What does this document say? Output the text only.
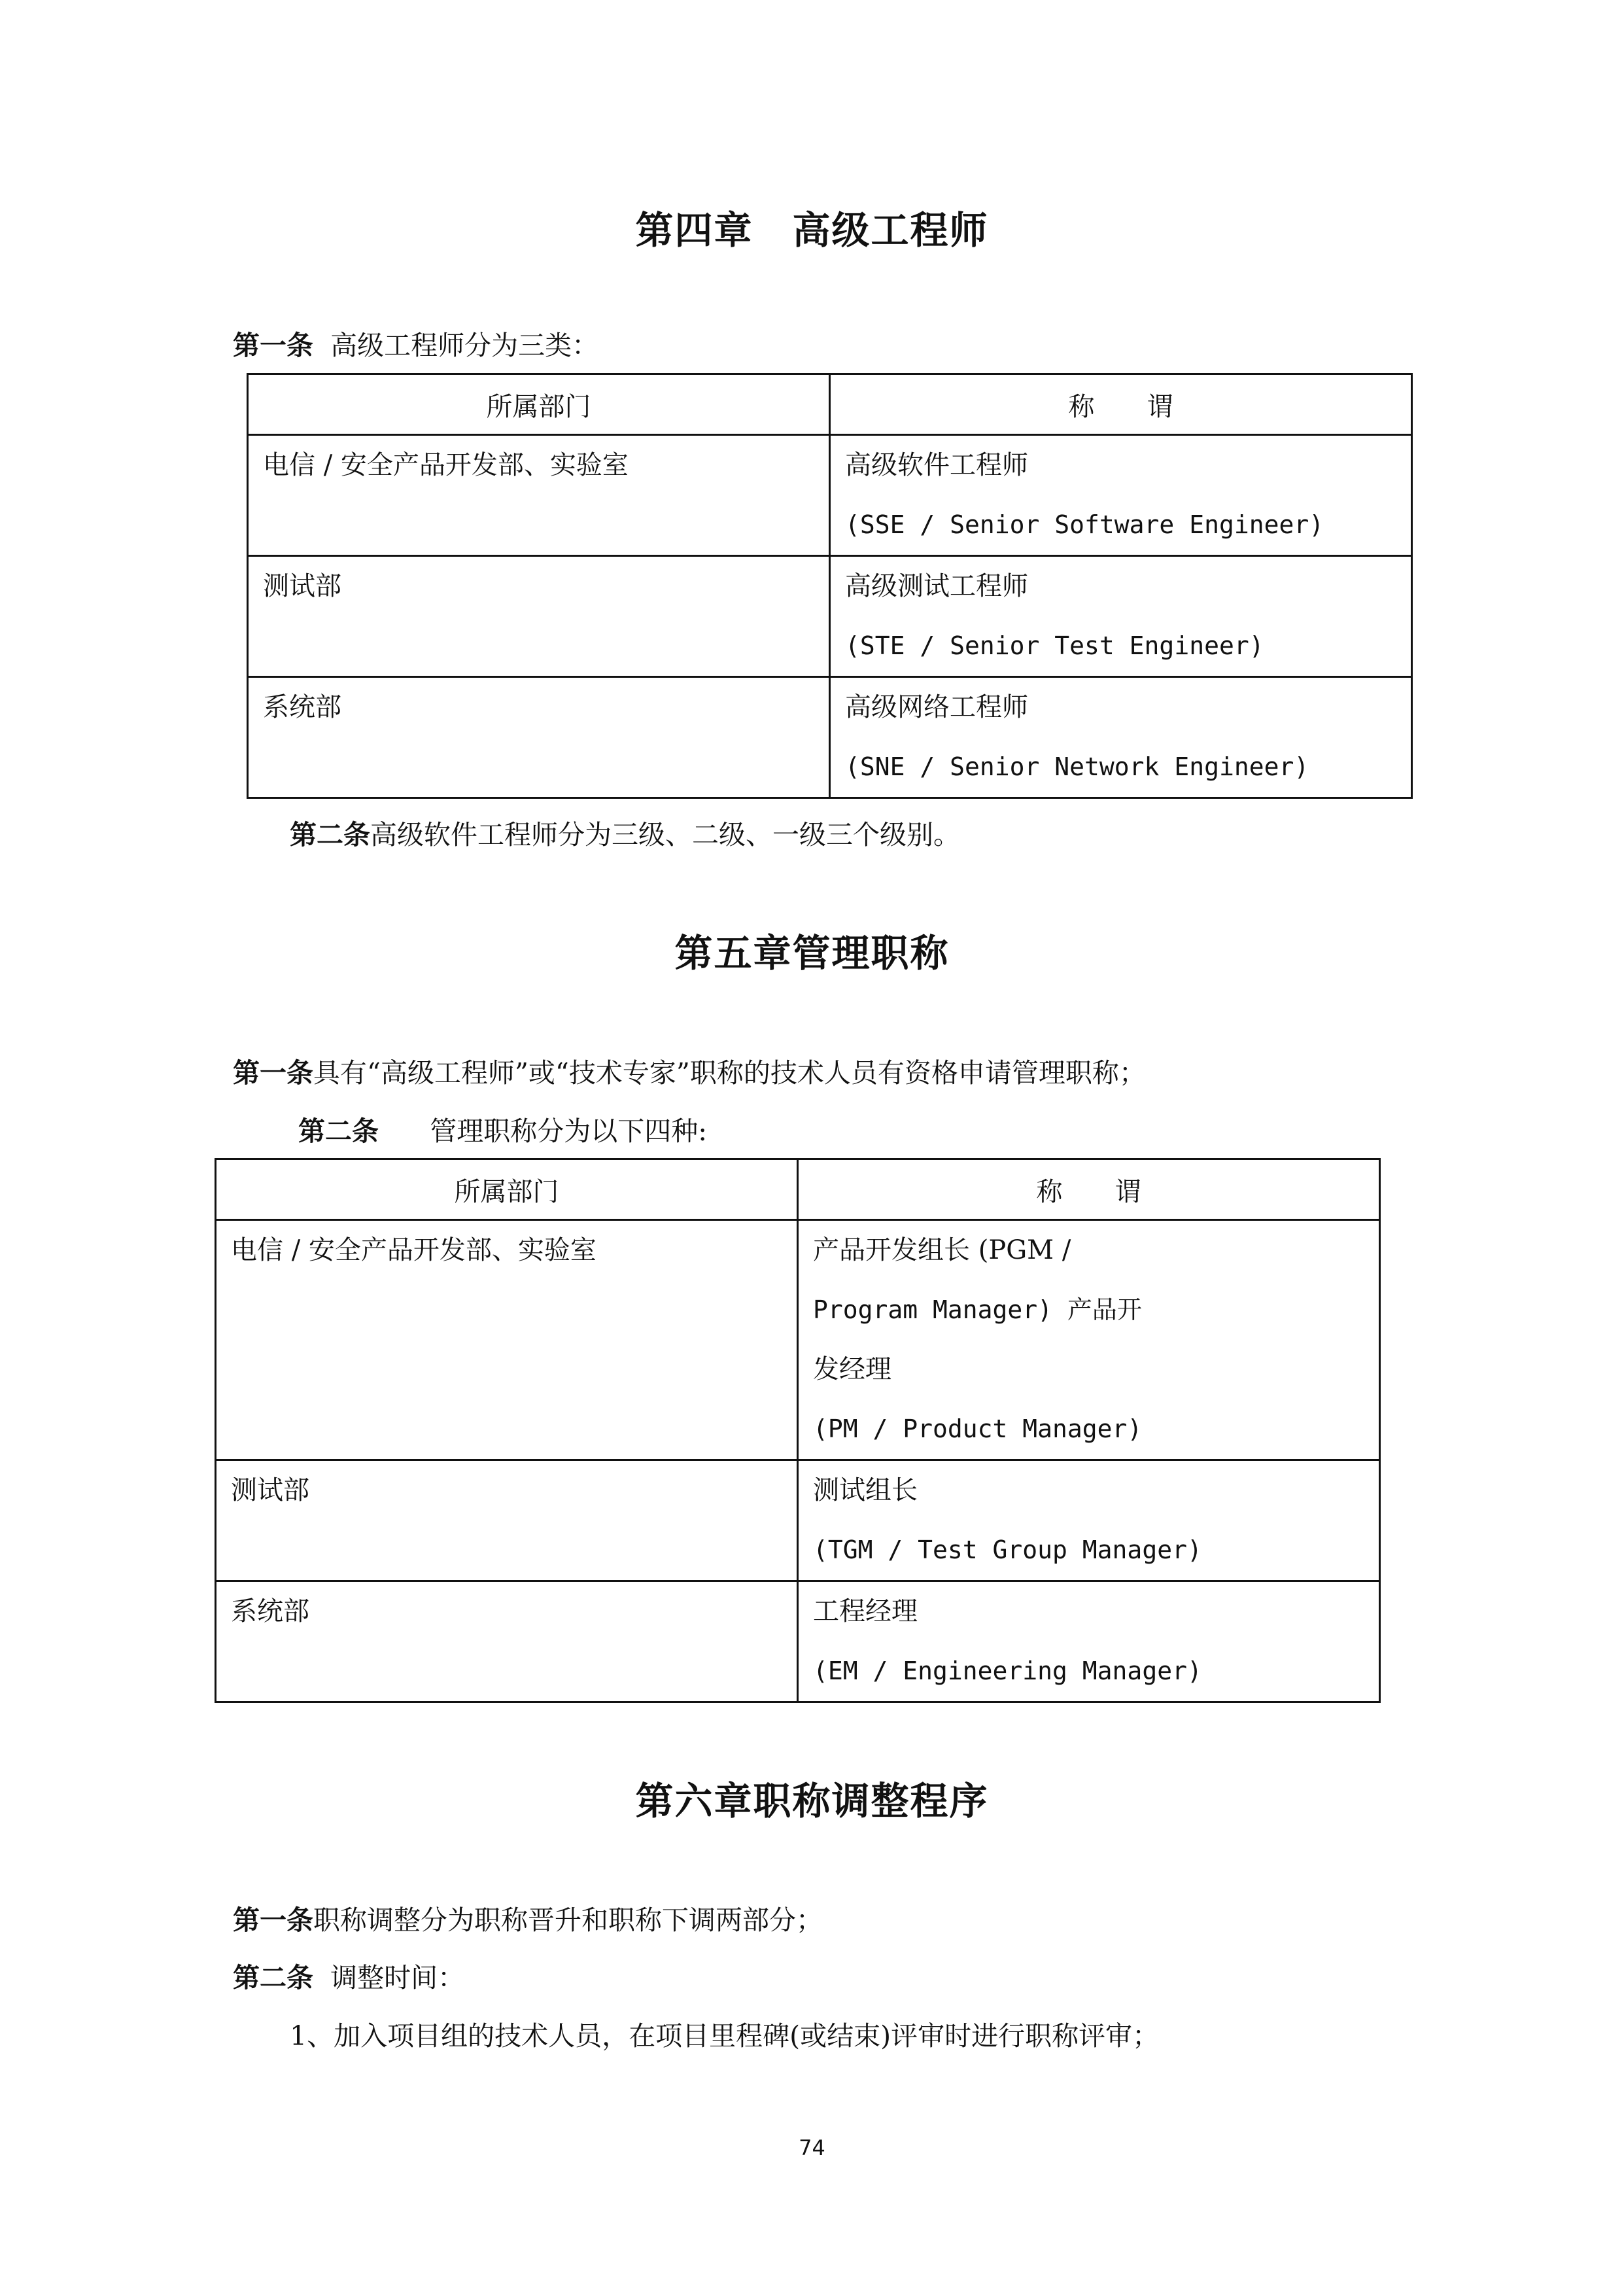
第四章　高级工程师
第一条 高级工程师分为三类：
所属部门	称　　谓

电信 / 安全产品开发部、实验室	高级软件工程师
(SSE / Senior Software Engineer)

测试部	高级测试工程师
(STE / Senior Test Engineer)

系统部	高级网络工程师
(SNE / Senior Network Engineer)
第二条高级软件工程师分为三级、二级、一级三个级别。
第五章管理职称
第一条具有“高级工程师”或“技术专家”职称的技术人员有资格申请管理职称；
第二条 管理职称分为以下四种:
所属部门	称　　谓

电信 / 安全产品开发部、实验室	产品开发组长 (PGM /
Program Manager) 产品开
发经理
(PM / Product Manager)

测试部	测试组长
(TGM / Test Group Manager)

系统部	工程经理
(EM / Engineering Manager)
第六章职称调整程序
第一条职称调整分为职称晋升和职称下调两部分；
第二条 调整时间：
1、加入项目组的技术人员，在项目里程碑(或结束)评审时进行职称评审；
74
